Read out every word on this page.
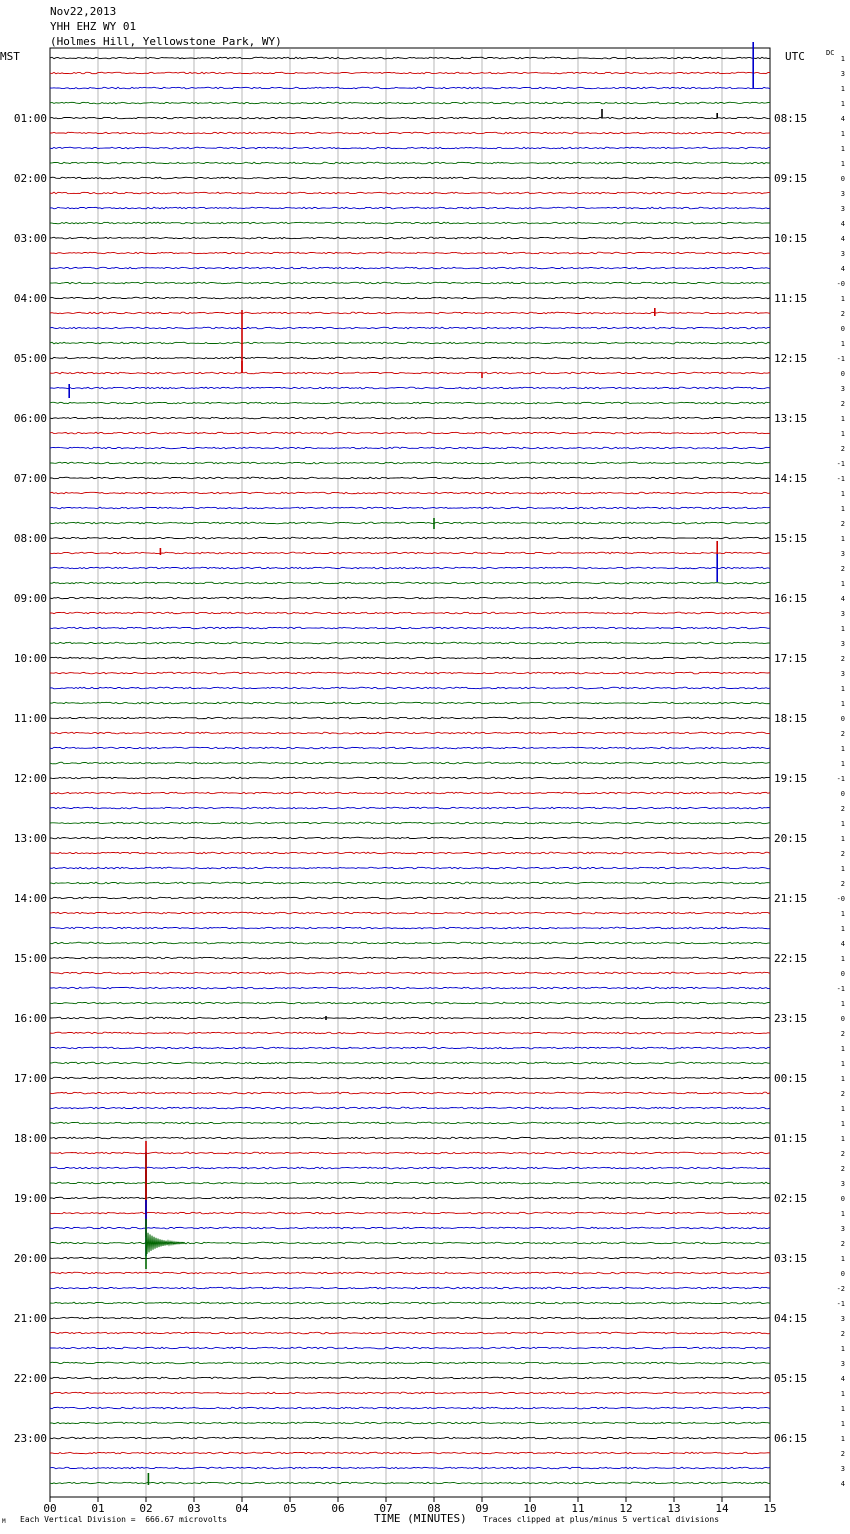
Nov22,2013
YHH EHZ WY 01
(Holmes Hill, Yellowstone Park, WY)
MST	UTC	DC
01:00
02:00
03:00
04:00
05:00
06:00
07:00
08:00
09:00
10:00
11:00
12:00
13:00
14:00
15:00
16:00
17:00
18:00
19:00
20:00
21:00
22:00
23:00
08:15
09:15
10:15
11:15
12:15
13:15
14:15
15:15
16:15
17:15
18:15
19:15
20:15
21:15
22:15
23:15
00:15
01:15
02:15
03:15
04:15
05:15
06:15
1
3
1
1
4
1
1
1
0
3
3
4
4
3
4
-0
1
2
0
1
-1
0
3
2
1
1
2
-1
-1
1
1
2
1
3
2
1
4
3
1
3
2
3
1
1
0
2
1
1
-1
0
2
1
1
2
1
2
-0
1
1
4
1
0
-1
1
0
2
1
1
1
2
1
1
1
2
2
3
0
1
3
2
1
0
-2
-1
3
2
1
3
4
1
1
1
1
2
3
4
00	01	02	03	04	05	06	07	08	09	10	11	12	13	14	15
Each Vertical Division =  666.67 microvolts	TIME (MINUTES) Traces clipped at plus/minus 5 vertical divisions
M
